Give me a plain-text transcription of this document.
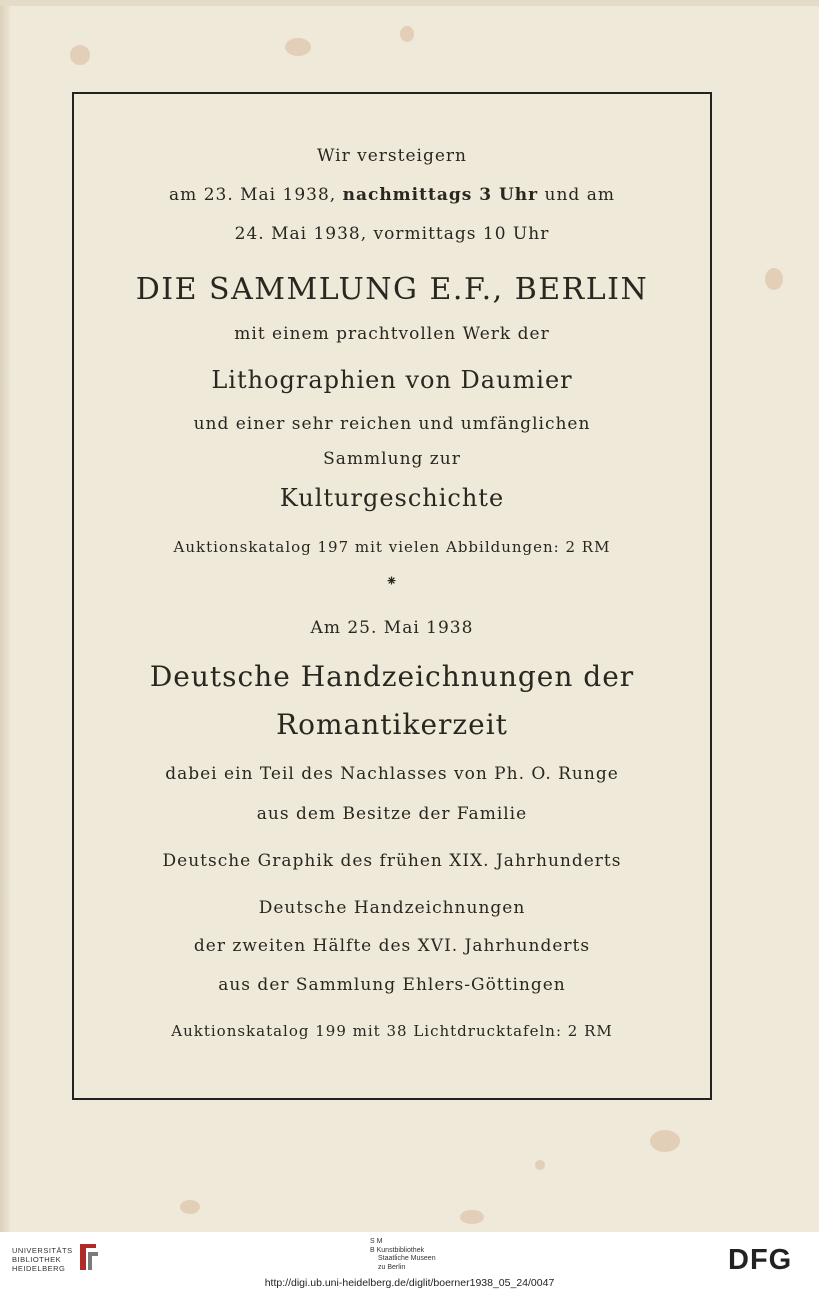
Wir versteigern
am 23. Mai 1938, nachmittags 3 Uhr und am
24. Mai 1938, vormittags 10 Uhr
DIE SAMMLUNG E.F., BERLIN
mit einem prachtvollen Werk der
Lithographien von Daumier
und einer sehr reichen und umfänglichen
Sammlung zur
Kulturgeschichte
Auktionskatalog 197 mit vielen Abbildungen: 2 RM
⁕
Am 25. Mai 1938
Deutsche Handzeichnungen der
Romantikerzeit
dabei ein Teil des Nachlasses von Ph. O. Runge
aus dem Besitze der Familie
Deutsche Graphik des frühen XIX. Jahrhunderts
Deutsche Handzeichnungen
der zweiten Hälfte des XVI. Jahrhunderts
aus der Sammlung Ehlers-Göttingen
Auktionskatalog 199 mit 38 Lichtdrucktafeln: 2 RM
UNIVERSITÄTS
BIBLIOTHEK
HEIDELBERG
S M
B Kunstbibliothek
Staatliche Museen
zu Berlin	DFG
http://digi.ub.uni-heidelberg.de/diglit/boerner1938_05_24/0047
